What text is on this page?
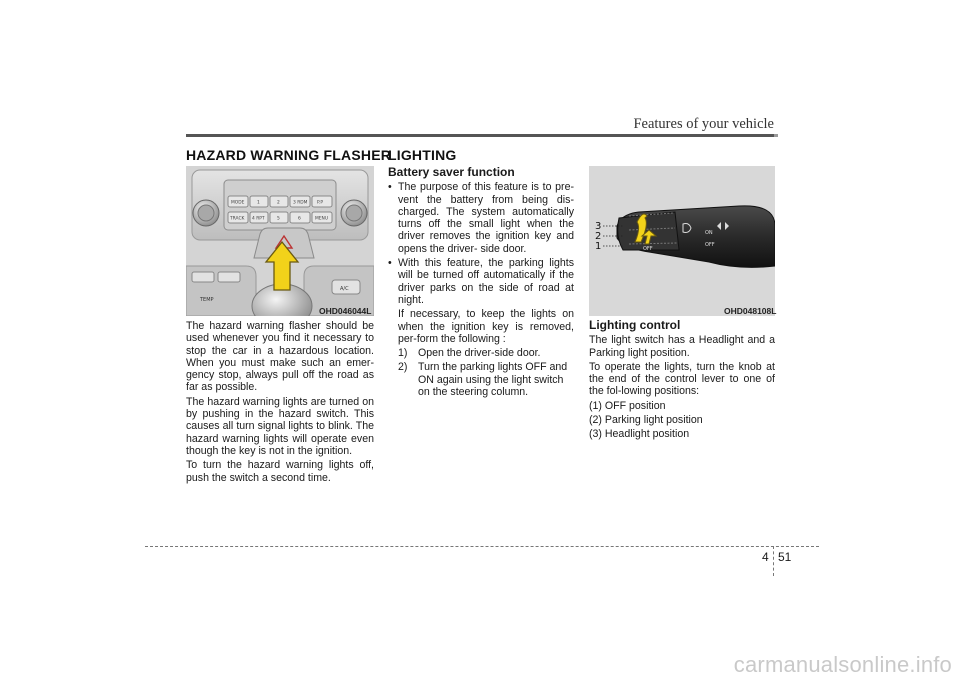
Features of your vehicle
HAZARD WARNING FLASHER
LIGHTING
MODE	1	2	3 RDM P.P
TRACK 4 RPT	5	6	MENU
A/C
TEMP
OHD046044L

The hazard warning flasher should be used whenever you find it necessary to stop the car in a hazardous location. When you must make such an emer-gency stop, always pull off the road as far as possible.

The hazard warning lights are turned on by pushing in the hazard switch. This causes all turn signal lights to blink. The hazard warning lights will operate even though the key is not in the ignition.

To turn the hazard warning lights off, push the switch a second time.

Battery saver function
• The purpose of this feature is to pre-vent the battery from being dis-charged. The system automatically turns off the small light when the driver removes the ignition key and opens the driver- side door.
• With this feature, the parking lights will be turned off automatically if the driver parks on the side of road at night.

If necessary, to keep the lights on when the ignition key is removed, per-form the following :

1) Open the driver-side door.
2) Turn the parking lights OFF and ON again using the light switch on the steering column.
3
2
1	OFF
ON
OFF
OHD048108L
Lighting control

The light switch has a Headlight and a Parking light position.

To operate the lights, turn the knob at the end of the control lever to one of the fol-lowing positions:

(1) OFF position

(2) Parking light position

(3) Headlight position

4 51
carmanualsonline.info
